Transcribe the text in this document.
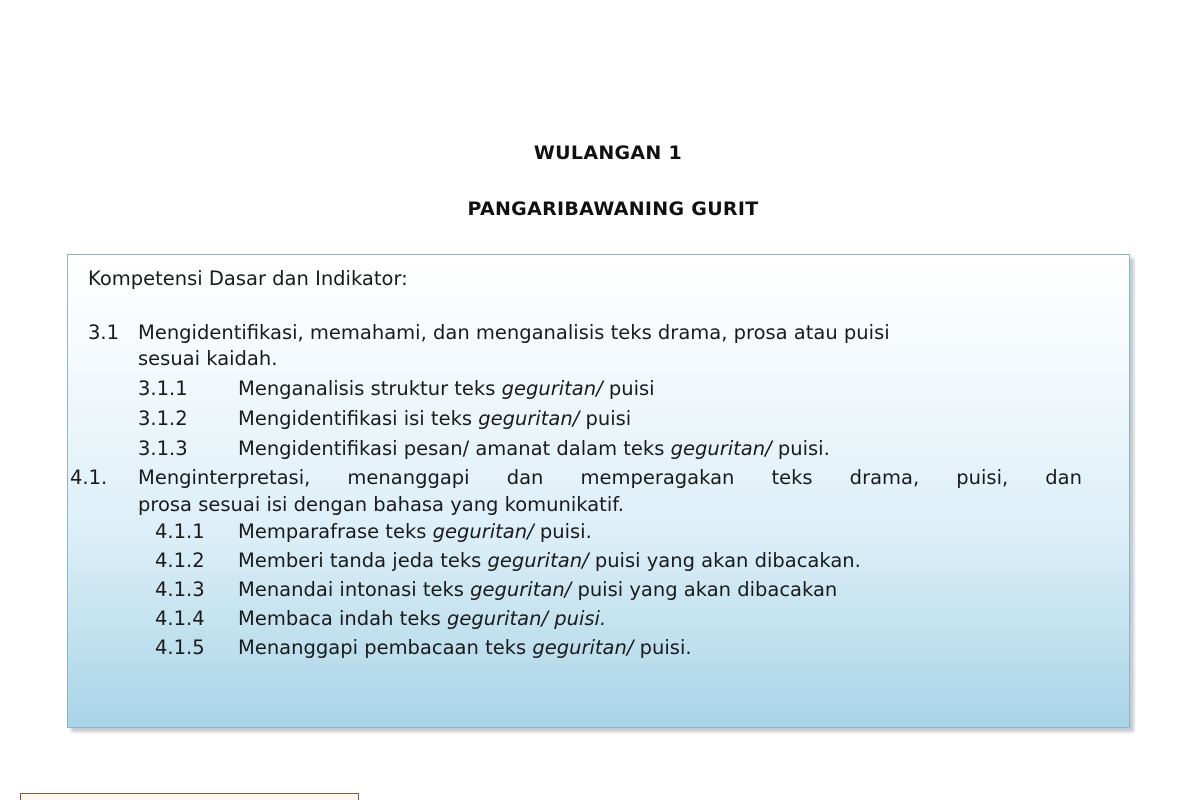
WULANGAN 1
PANGARIBAWANING GURIT
Kompetensi Dasar dan Indikator:
3.1 Mengidentifikasi, memahami, dan menganalisis teks drama, prosa atau puisi
sesuai kaidah.
3.1.1	Menganalisis struktur teks geguritan/ puisi
3.1.2	Mengidentifikasi isi teks geguritan/ puisi
3.1.3	Mengidentifikasi pesan/ amanat dalam teks geguritan/ puisi.
4.1. Menginterpretasi, menanggapi dan memperagakan teks drama, puisi, dan
prosa sesuai isi dengan bahasa yang komunikatif.
4.1.1 Memparafrase teks geguritan/ puisi.
4.1.2 Memberi tanda jeda teks geguritan/ puisi yang akan dibacakan.
4.1.3 Menandai intonasi teks geguritan/ puisi yang akan dibacakan
4.1.4 Membaca indah teks geguritan/ puisi.
4.1.5 Menanggapi pembacaan teks geguritan/ puisi.
